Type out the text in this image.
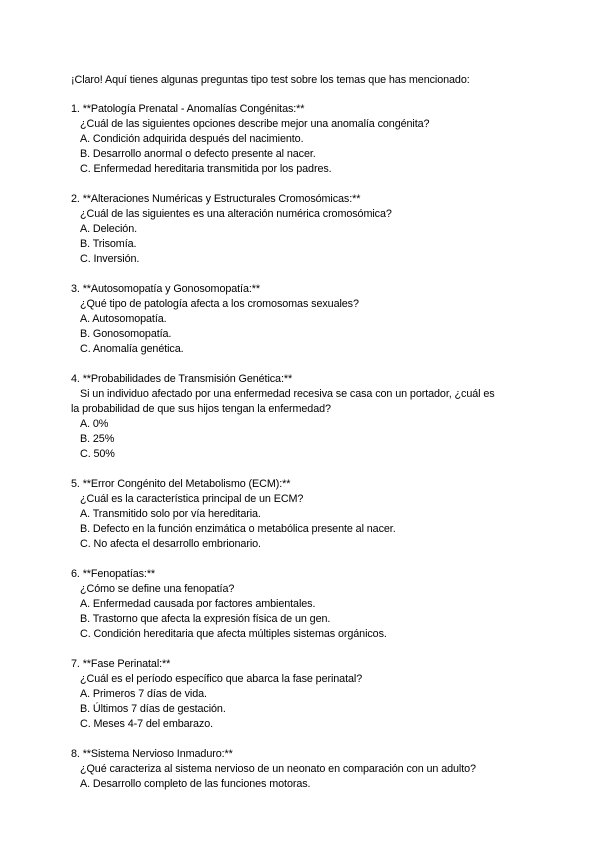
¡Claro! Aquí tienes algunas preguntas tipo test sobre los temas que has mencionado:
1. **Patología Prenatal - Anomalías Congénitas:**
¿Cuál de las siguientes opciones describe mejor una anomalía congénita?
A. Condición adquirida después del nacimiento.
B. Desarrollo anormal o defecto presente al nacer.
C. Enfermedad hereditaria transmitida por los padres.
2. **Alteraciones Numéricas y Estructurales Cromosómicas:**
¿Cuál de las siguientes es una alteración numérica cromosómica?
A. Deleción.
B. Trisomía.
C. Inversión.
3. **Autosomopatía y Gonosomopatía:**
¿Qué tipo de patología afecta a los cromosomas sexuales?
A. Autosomopatía.
B. Gonosomopatía.
C. Anomalía genética.
4. **Probabilidades de Transmisión Genética:**
Si un individuo afectado por una enfermedad recesiva se casa con un portador, ¿cuál es
la probabilidad de que sus hijos tengan la enfermedad?
A. 0%
B. 25%
C. 50%
5. **Error Congénito del Metabolismo (ECM):**
¿Cuál es la característica principal de un ECM?
A. Transmitido solo por vía hereditaria.
B. Defecto en la función enzimática o metabólica presente al nacer.
C. No afecta el desarrollo embrionario.
6. **Fenopatías:**
¿Cómo se define una fenopatía?
A. Enfermedad causada por factores ambientales.
B. Trastorno que afecta la expresión física de un gen.
C. Condición hereditaria que afecta múltiples sistemas orgánicos.
7. **Fase Perinatal:**
¿Cuál es el período específico que abarca la fase perinatal?
A. Primeros 7 días de vida.
B. Últimos 7 días de gestación.
C. Meses 4-7 del embarazo.
8. **Sistema Nervioso Inmaduro:**
¿Qué caracteriza al sistema nervioso de un neonato en comparación con un adulto?
A. Desarrollo completo de las funciones motoras.
